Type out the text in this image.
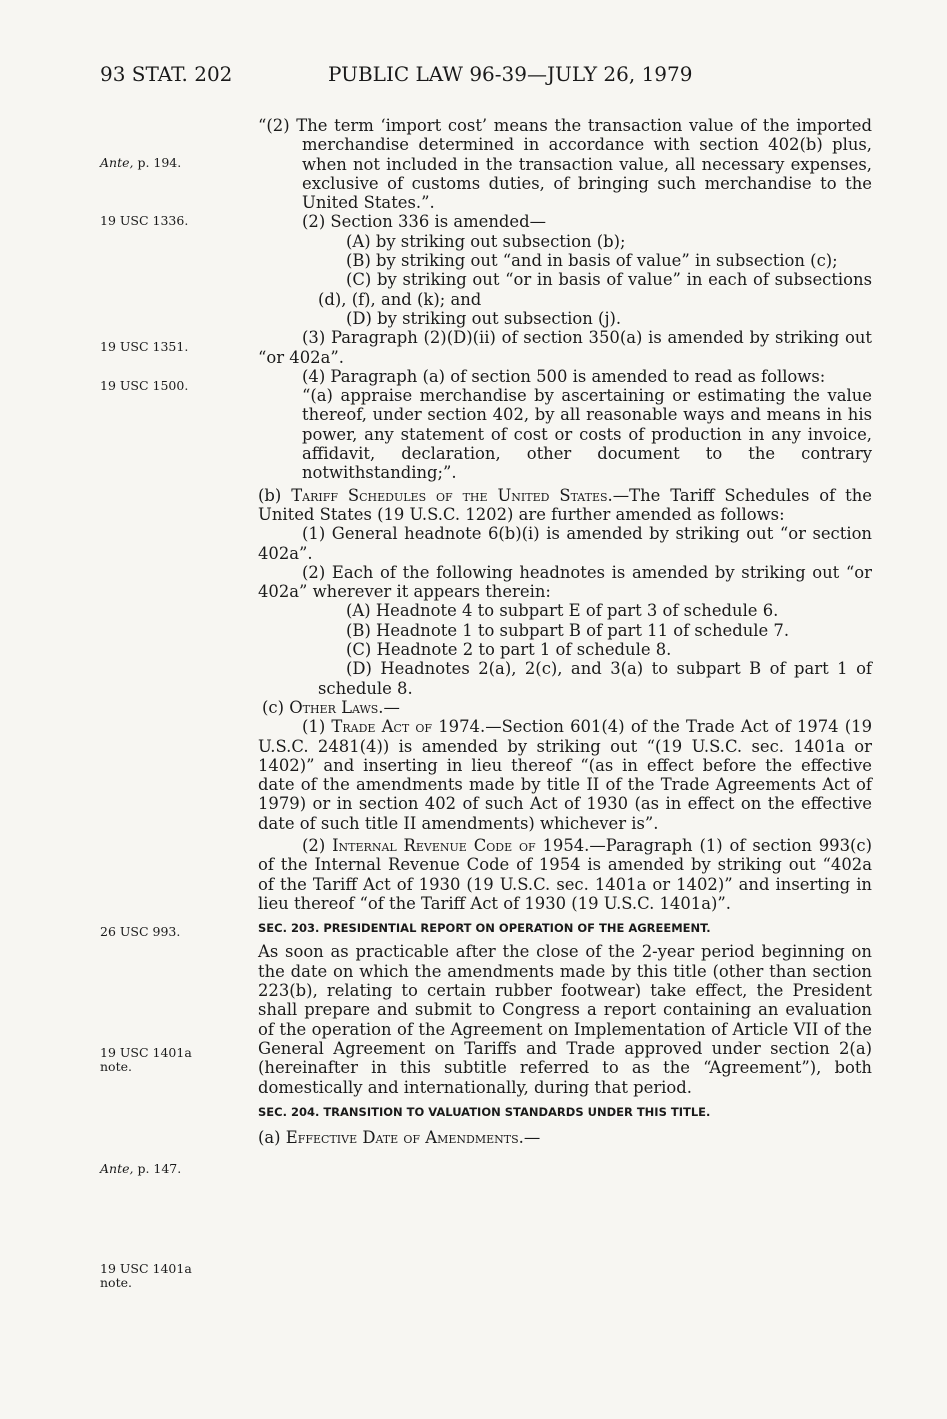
93 STAT. 202	PUBLIC LAW 96-39—JULY 26, 1979
Ante, p. 194.
19 USC 1336.
19 USC 1351.
19 USC 1500.
26 USC 993.
19 USC 1401a
note.
Ante, p. 147.
19 USC 1401a
note.

“(2) The term ‘import cost’ means the transaction value of the imported merchandise determined in accordance with section 402(b) plus, when not included in the transaction value, all necessary expenses, exclusive of customs duties, of bringing such merchandise to the United States.”.

(2) Section 336 is amended—

(A) by striking out subsection (b);

(B) by striking out “and in basis of value” in subsection (c);

(C) by striking out “or in basis of value” in each of subsections (d), (f), and (k); and

(D) by striking out subsection (j).

(3) Paragraph (2)(D)(ii) of section 350(a) is amended by striking out “or 402a”.

(4) Paragraph (a) of section 500 is amended to read as follows:

“(a) appraise merchandise by ascertaining or estimating the value thereof, under section 402, by all reasonable ways and means in his power, any statement of cost or costs of production in any invoice, affidavit, declaration, other document to the contrary notwithstanding;”.

(b) Tariff Schedules of the United States.—The Tariff Schedules of the United States (19 U.S.C. 1202) are further amended as follows:

(1) General headnote 6(b)(i) is amended by striking out “or section 402a”.

(2) Each of the following headnotes is amended by striking out “or 402a” wherever it appears therein:

(A) Headnote 4 to subpart E of part 3 of schedule 6.

(B) Headnote 1 to subpart B of part 11 of schedule 7.

(C) Headnote 2 to part 1 of schedule 8.

(D) Headnotes 2(a), 2(c), and 3(a) to subpart B of part 1 of schedule 8.

(c) Other Laws.—

(1) Trade Act of 1974.—Section 601(4) of the Trade Act of 1974 (19 U.S.C. 2481(4)) is amended by striking out “(19 U.S.C. sec. 1401a or 1402)” and inserting in lieu thereof “(as in effect before the effective date of the amendments made by title II of the Trade Agreements Act of 1979) or in section 402 of such Act of 1930 (as in effect on the effective date of such title II amendments) whichever is”.

(2) Internal Revenue Code of 1954.—Paragraph (1) of section 993(c) of the Internal Revenue Code of 1954 is amended by striking out “402a of the Tariff Act of 1930 (19 U.S.C. sec. 1401a or 1402)” and inserting in lieu thereof “of the Tariff Act of 1930 (19 U.S.C. 1401a)”.

SEC. 203. PRESIDENTIAL REPORT ON OPERATION OF THE AGREEMENT.

As soon as practicable after the close of the 2-year period beginning on the date on which the amendments made by this title (other than section 223(b), relating to certain rubber footwear) take effect, the President shall prepare and submit to Congress a report containing an evaluation of the operation of the Agreement on Implementation of Article VII of the General Agreement on Tariffs and Trade approved under section 2(a) (hereinafter in this subtitle referred to as the “Agreement”), both domestically and internationally, during that period.

SEC. 204. TRANSITION TO VALUATION STANDARDS UNDER THIS TITLE.

(a) Effective Date of Amendments.—
